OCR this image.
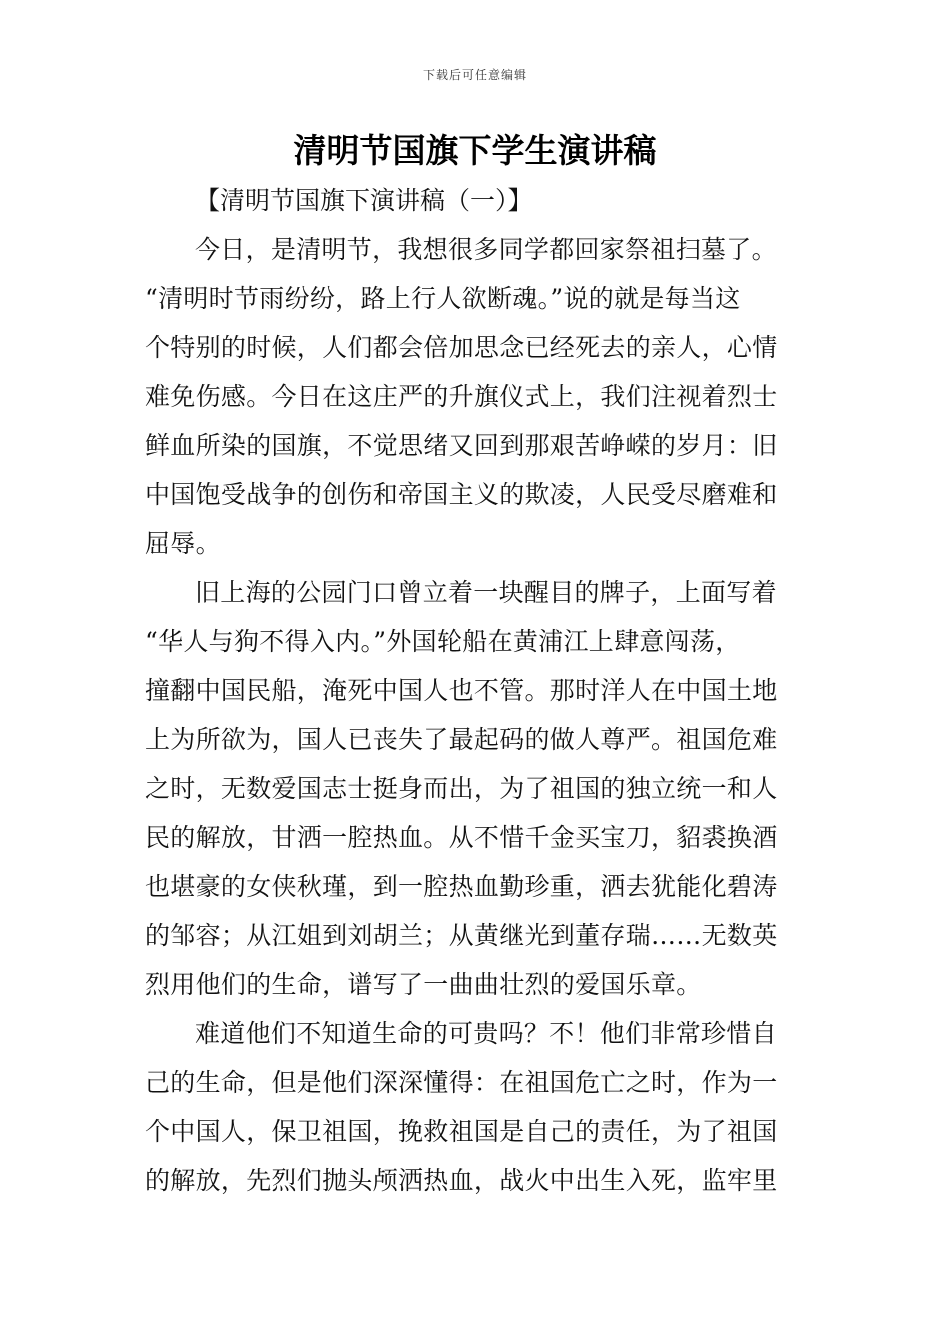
下载后可任意编辑
清明节国旗下学生演讲稿
【清明节国旗下演讲稿（一）】

今日，是清明节，我想很多同学都回家祭祖扫墓了。
“清明时节雨纷纷，路上行人欲断魂。”说的就是每当这
个特别的时候，人们都会倍加思念已经死去的亲人，心情
难免伤感。今日在这庄严的升旗仪式上，我们注视着烈士
鲜血所染的国旗，不觉思绪又回到那艰苦峥嵘的岁月：旧
中国饱受战争的创伤和帝国主义的欺凌，人民受尽磨难和
屈辱。

旧上海的公园门口曾立着一块醒目的牌子，上面写着
“华人与狗不得入内。”外国轮船在黄浦江上肆意闯荡，
撞翻中国民船，淹死中国人也不管。那时洋人在中国土地
上为所欲为，国人已丧失了最起码的做人尊严。祖国危难
之时，无数爱国志士挺身而出，为了祖国的独立统一和人
民的解放，甘洒一腔热血。从不惜千金买宝刀，貂裘换酒
也堪豪的女侠秋瑾，到一腔热血勤珍重，洒去犹能化碧涛
的邹容；从江姐到刘胡兰；从黄继光到董存瑞……无数英
烈用他们的生命，谱写了一曲曲壮烈的爱国乐章。

难道他们不知道生命的可贵吗？不！他们非常珍惜自
己的生命，但是他们深深懂得：在祖国危亡之时，作为一
个中国人，保卫祖国，挽救祖国是自己的责任，为了祖国
的解放，先烈们抛头颅洒热血，战火中出生入死，监牢里
